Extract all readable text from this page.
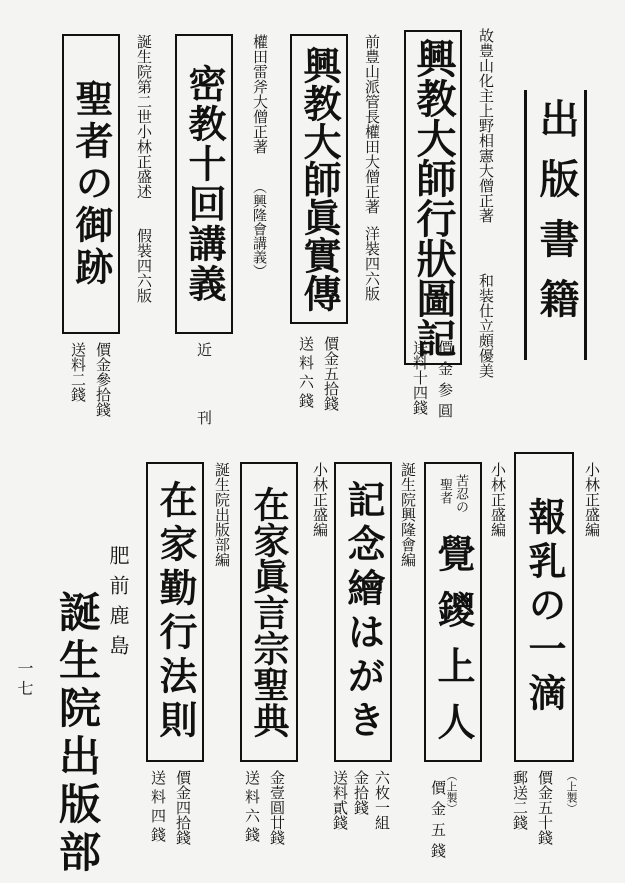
出版書籍
故豊山化主上野相憲大僧正著
和装仕立頗優美
興教大師行狀圖記
價金参圓
送料十四錢
前豊山派管長權田大僧正著
洋裝四六版
興教大師眞實傳
價金五拾錢
送料六錢
權田雷斧大僧正著
（興隆會講義）
密教十回講義
近
刊
誕生院第二世小林正盛述
假裝四六版
聖者の御跡
價金參拾錢
送料二錢
小林正盛編
報乳の一滴
（上製）
價金五十錢
郵送二錢
小林正盛編
苦忍の
聖者
覺鑁上人
（上製）
價金五錢
誕生院興隆會編
記念繪はがき
六枚一組
金拾錢
送料貳錢
小林正盛編
在家眞言宗聖典
金壹圓廿錢
送料六錢
誕生院出版部編
在家勤行法則
價金四拾錢
送料四錢
肥前鹿島
誕生院出版部
一七
